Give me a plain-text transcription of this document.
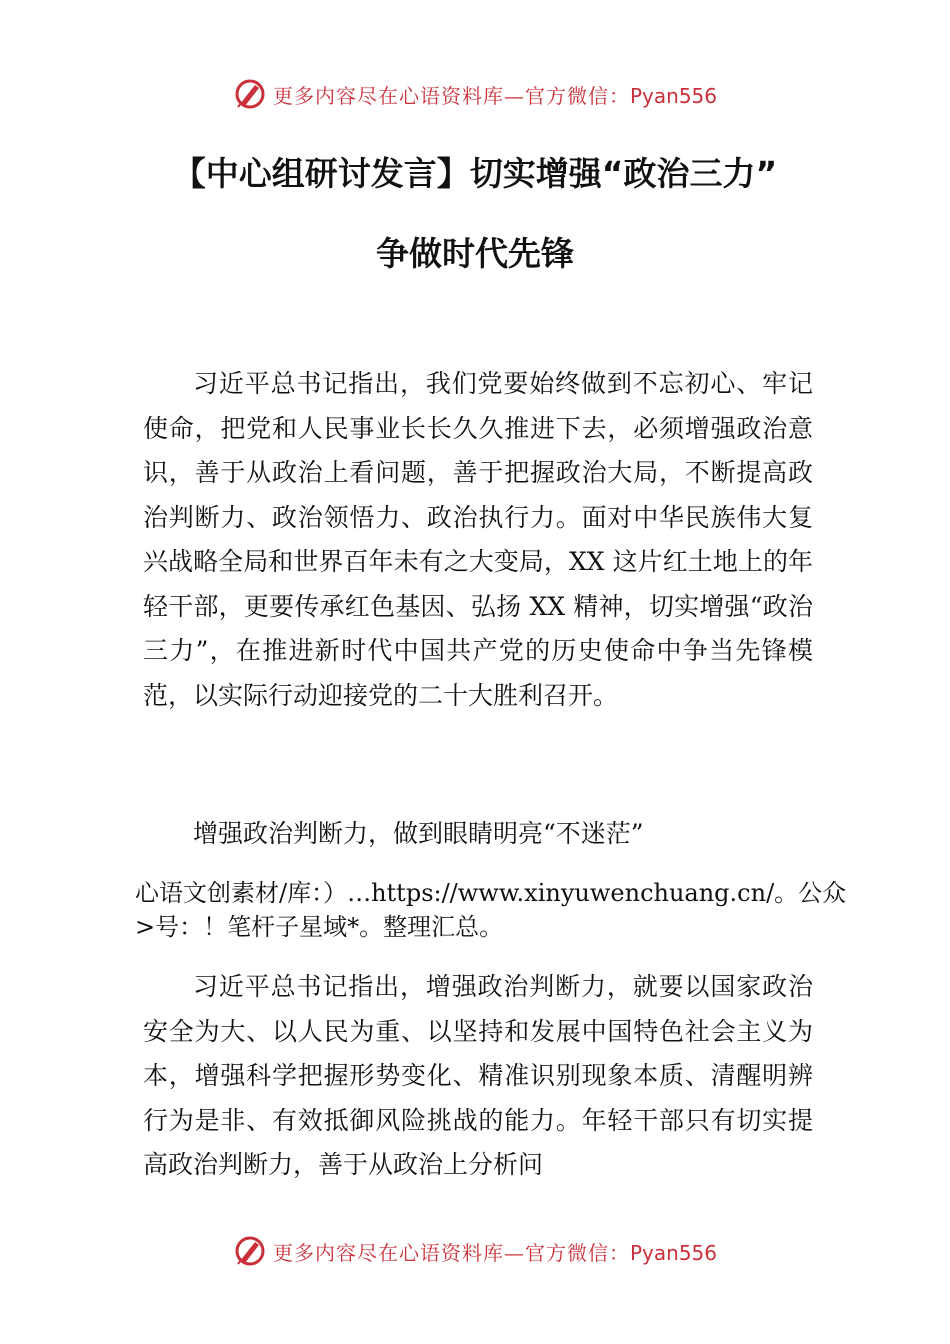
更多内容尽在心语资料库—官方微信：Pyan556
【中心组研讨发言】切实增强“政治三力”
争做时代先锋

习近平总书记指出，我们党要始终做到不忘初心、牢记使命，把党和人民事业长长久久推进下去，必须增强政治意识，善于从政治上看问题，善于把握政治大局，不断提高政治判断力、政治领悟力、政治执行力。面对中华民族伟大复兴战略全局和世界百年未有之大变局，XX 这片红土地上的年轻干部，更要传承红色基因、弘扬 XX 精神，切实增强“政治三力”，在推进新时代中国共产党的历史使命中争当先锋模范，以实际行动迎接党的二十大胜利召开。

增强政治判断力，做到眼睛明亮“不迷茫”

心语文创素材/库：）…https://www.xinyuwenchuang.cn/。公众>号：！笔杆子星域*。整理汇总。

习近平总书记指出，增强政治判断力，就要以国家政治安全为大、以人民为重、以坚持和发展中国特色社会主义为本，增强科学把握形势变化、精准识别现象本质、清醒明辨行为是非、有效抵御风险挑战的能力。年轻干部只有切实提高政治判断力，善于从政治上分析问

更多内容尽在心语资料库—官方微信：Pyan556
